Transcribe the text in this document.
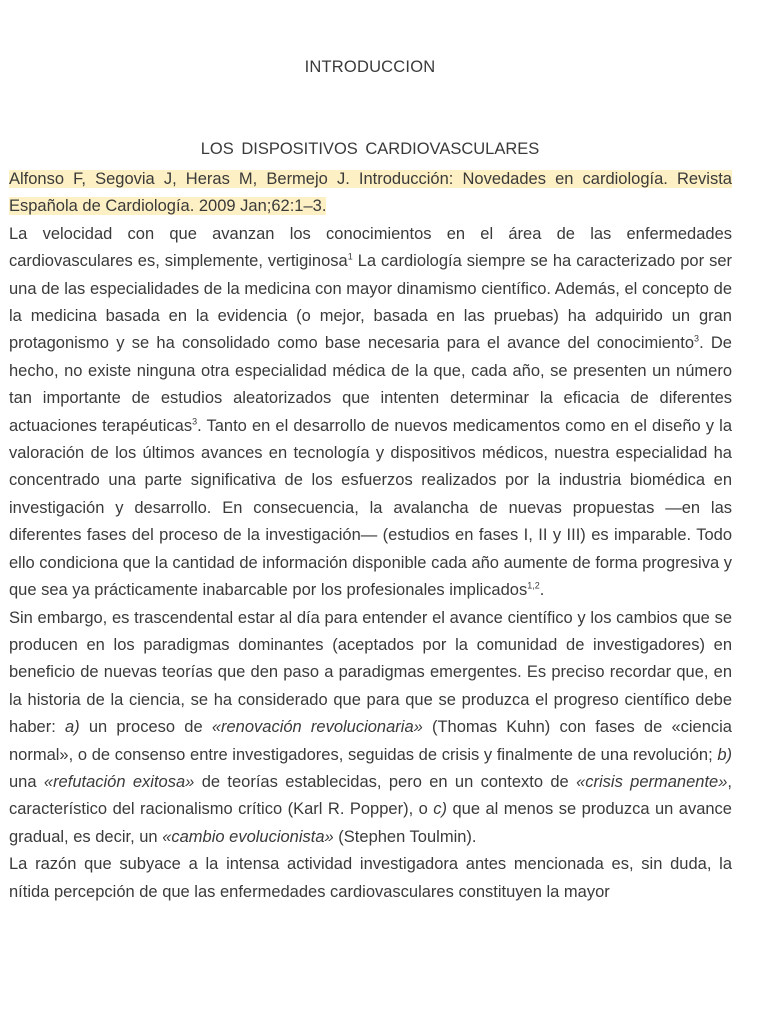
INTRODUCCION
LOS DISPOSITIVOS CARDIOVASCULARES

Alfonso F, Segovia J, Heras M, Bermejo J. Introducción: Novedades en cardiología. Revista Española de Cardiología. 2009 Jan;62:1–3.

La velocidad con que avanzan los conocimientos en el área de las enfermedades cardiovasculares es, simplemente, vertiginosa$^1$ La cardiología siempre se ha caracterizado por ser una de las especialidades de la medicina con mayor dinamismo científico. Además, el concepto de la medicina basada en la evidencia (o mejor, basada en las pruebas) ha adquirido un gran protagonismo y se ha consolidado como base necesaria para el avance del conocimiento$^3$. De hecho, no existe ninguna otra especialidad médica de la que, cada año, se presenten un número tan importante de estudios aleatorizados que intenten determinar la eficacia de diferentes actuaciones terapéuticas$^3$. Tanto en el desarrollo de nuevos medicamentos como en el diseño y la valoración de los últimos avances en tecnología y dispositivos médicos, nuestra especialidad ha concentrado una parte significativa de los esfuerzos realizados por la industria biomédica en investigación y desarrollo. En consecuencia, la avalancha de nuevas propuestas —en las diferentes fases del proceso de la investigación— (estudios en fases I, II y III) es imparable. Todo ello condiciona que la cantidad de información disponible cada año aumente de forma progresiva y que sea ya prácticamente inabarcable por los profesionales implicados$^{1,2}$.

Sin embargo, es trascendental estar al día para entender el avance científico y los cambios que se producen en los paradigmas dominantes (aceptados por la comunidad de investigadores) en beneficio de nuevas teorías que den paso a paradigmas emergentes. Es preciso recordar que, en la historia de la ciencia, se ha considerado que para que se produzca el progreso científico debe haber: a) un proceso de «renovación revolucionaria» (Thomas Kuhn) con fases de «ciencia normal», o de consenso entre investigadores, seguidas de crisis y finalmente de una revolución; b) una «refutación exitosa» de teorías establecidas, pero en un contexto de «crisis permanente», característico del racionalismo crítico (Karl R. Popper), o c) que al menos se produzca un avance gradual, es decir, un «cambio evolucionista» (Stephen Toulmin).

La razón que subyace a la intensa actividad investigadora antes mencionada es, sin duda, la nítida percepción de que las enfermedades cardiovasculares constituyen la mayor
